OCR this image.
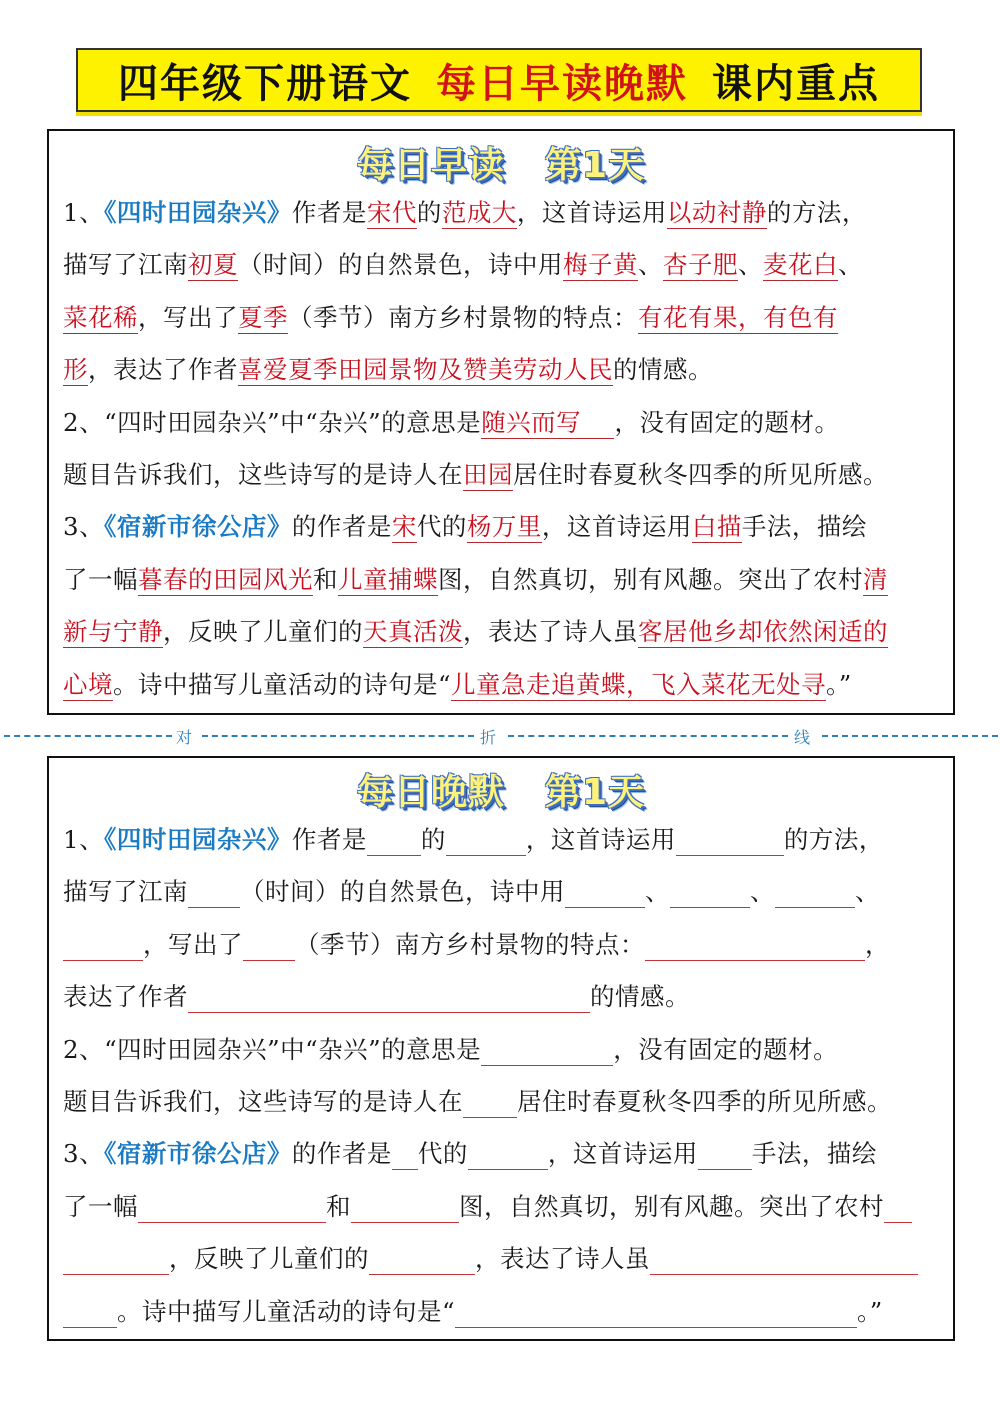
四年级下册语文 每日早读晚默 课内重点
每日早读 第1天
1、《四时田园杂兴》作者是宋代的范成大，这首诗运用以动衬静的方法，
描写了江南初夏（时间）的自然景色，诗中用梅子黄、杏子肥、麦花白、
菜花稀，写出了夏季（季节）南方乡村景物的特点：有花有果，有色有
形，表达了作者喜爱夏季田园景物及赞美劳动人民的情感。
2、“四时田园杂兴”中“杂兴”的意思是随兴而写　 ，没有固定的题材。
题目告诉我们，这些诗写的是诗人在田园居住时春夏秋冬四季的所见所感。
3、《宿新市徐公店》的作者是宋代的杨万里，这首诗运用白描手法，描绘
了一幅暮春的田园风光和儿童捕蝶图，自然真切，别有风趣。突出了农村清
新与宁静，反映了儿童们的天真活泼，表达了诗人虽客居他乡却依然闲适的
心境。诗中描写儿童活动的诗句是“儿童急走追黄蝶，飞入菜花无处寻。”
对	折	线
每日晚默 第1天
1、《四时田园杂兴》作者是 的	，这首诗运用	的方法，
描写了江南 （时间）的自然景色，诗中用	、	、	、
，写出了 （季节）南方乡村景物的特点：	，
表达了作者	的情感。
2、“四时田园杂兴”中“杂兴”的意思是	，没有固定的题材。
题目告诉我们，这些诗写的是诗人在 居住时春夏秋冬四季的所见所感。
3、《宿新市徐公店》的作者是 代的	，这首诗运用 手法，描绘
了一幅	和	图，自然真切，别有风趣。突出了农村
，反映了儿童们的	，表达了诗人虽
。诗中描写儿童活动的诗句是“	。”
